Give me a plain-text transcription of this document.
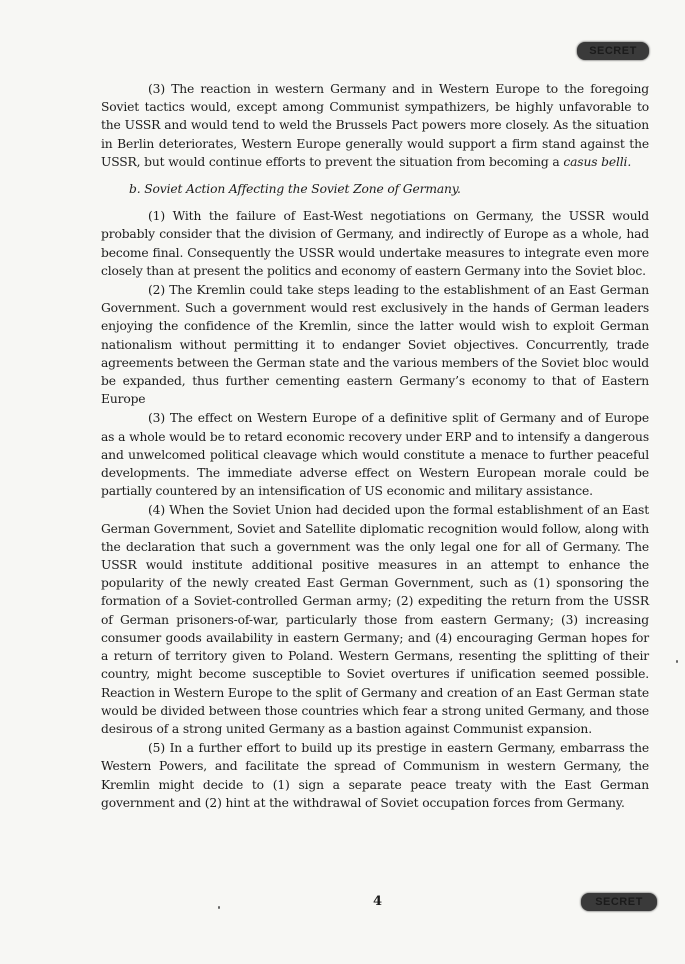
SECRET

(3) The reaction in western Germany and in Western Europe to the foregoing Soviet tactics would, except among Communist sympathizers, be highly unfavorable to the USSR and would tend to weld the Brussels Pact powers more closely. As the situation in Berlin deteriorates, Western Europe generally would support a firm stand against the USSR, but would continue efforts to prevent the situation from becoming a casus belli.

b. Soviet Action Affecting the Soviet Zone of Germany.

(1) With the failure of East-West negotiations on Germany, the USSR would probably consider that the division of Germany, and indirectly of Europe as a whole, had become final. Consequently the USSR would undertake measures to integrate even more closely than at present the politics and economy of eastern Germany into the Soviet bloc.

(2) The Kremlin could take steps leading to the establishment of an East German Government. Such a government would rest exclusively in the hands of German leaders enjoying the confidence of the Kremlin, since the latter would wish to exploit German nationalism without permitting it to endanger Soviet objectives. Concurrently, trade agreements between the German state and the various members of the Soviet bloc would be expanded, thus further cementing eastern Germany’s economy to that of Eastern Europe

(3) The effect on Western Europe of a definitive split of Germany and of Europe as a whole would be to retard economic recovery under ERP and to intensify a dangerous and unwelcomed political cleavage which would constitute a menace to further peaceful developments. The immediate adverse effect on Western European morale could be partially countered by an intensification of US economic and military assistance.

(4) When the Soviet Union had decided upon the formal establishment of an East German Government, Soviet and Satellite diplomatic recognition would follow, along with the declaration that such a government was the only legal one for all of Germany. The USSR would institute additional positive measures in an attempt to enhance the popularity of the newly created East German Government, such as (1) sponsoring the formation of a Soviet-controlled German army; (2) expediting the return from the USSR of German prisoners-of-war, particularly those from eastern Germany; (3) increasing consumer goods availability in eastern Germany; and (4) encouraging German hopes for a return of territory given to Poland. Western Germans, resenting the splitting of their country, might become susceptible to Soviet overtures if unification seemed possible. Reaction in Western Europe to the split of Germany and creation of an East German state would be divided between those countries which fear a strong united Germany, and those desirous of a strong united Germany as a bastion against Communist expansion.

(5) In a further effort to build up its prestige in eastern Germany, embarrass the Western Powers, and facilitate the spread of Communism in western Germany, the Kremlin might decide to (1) sign a separate peace treaty with the East German government and (2) hint at the withdrawal of Soviet occupation forces from Germany.

4	SECRET
